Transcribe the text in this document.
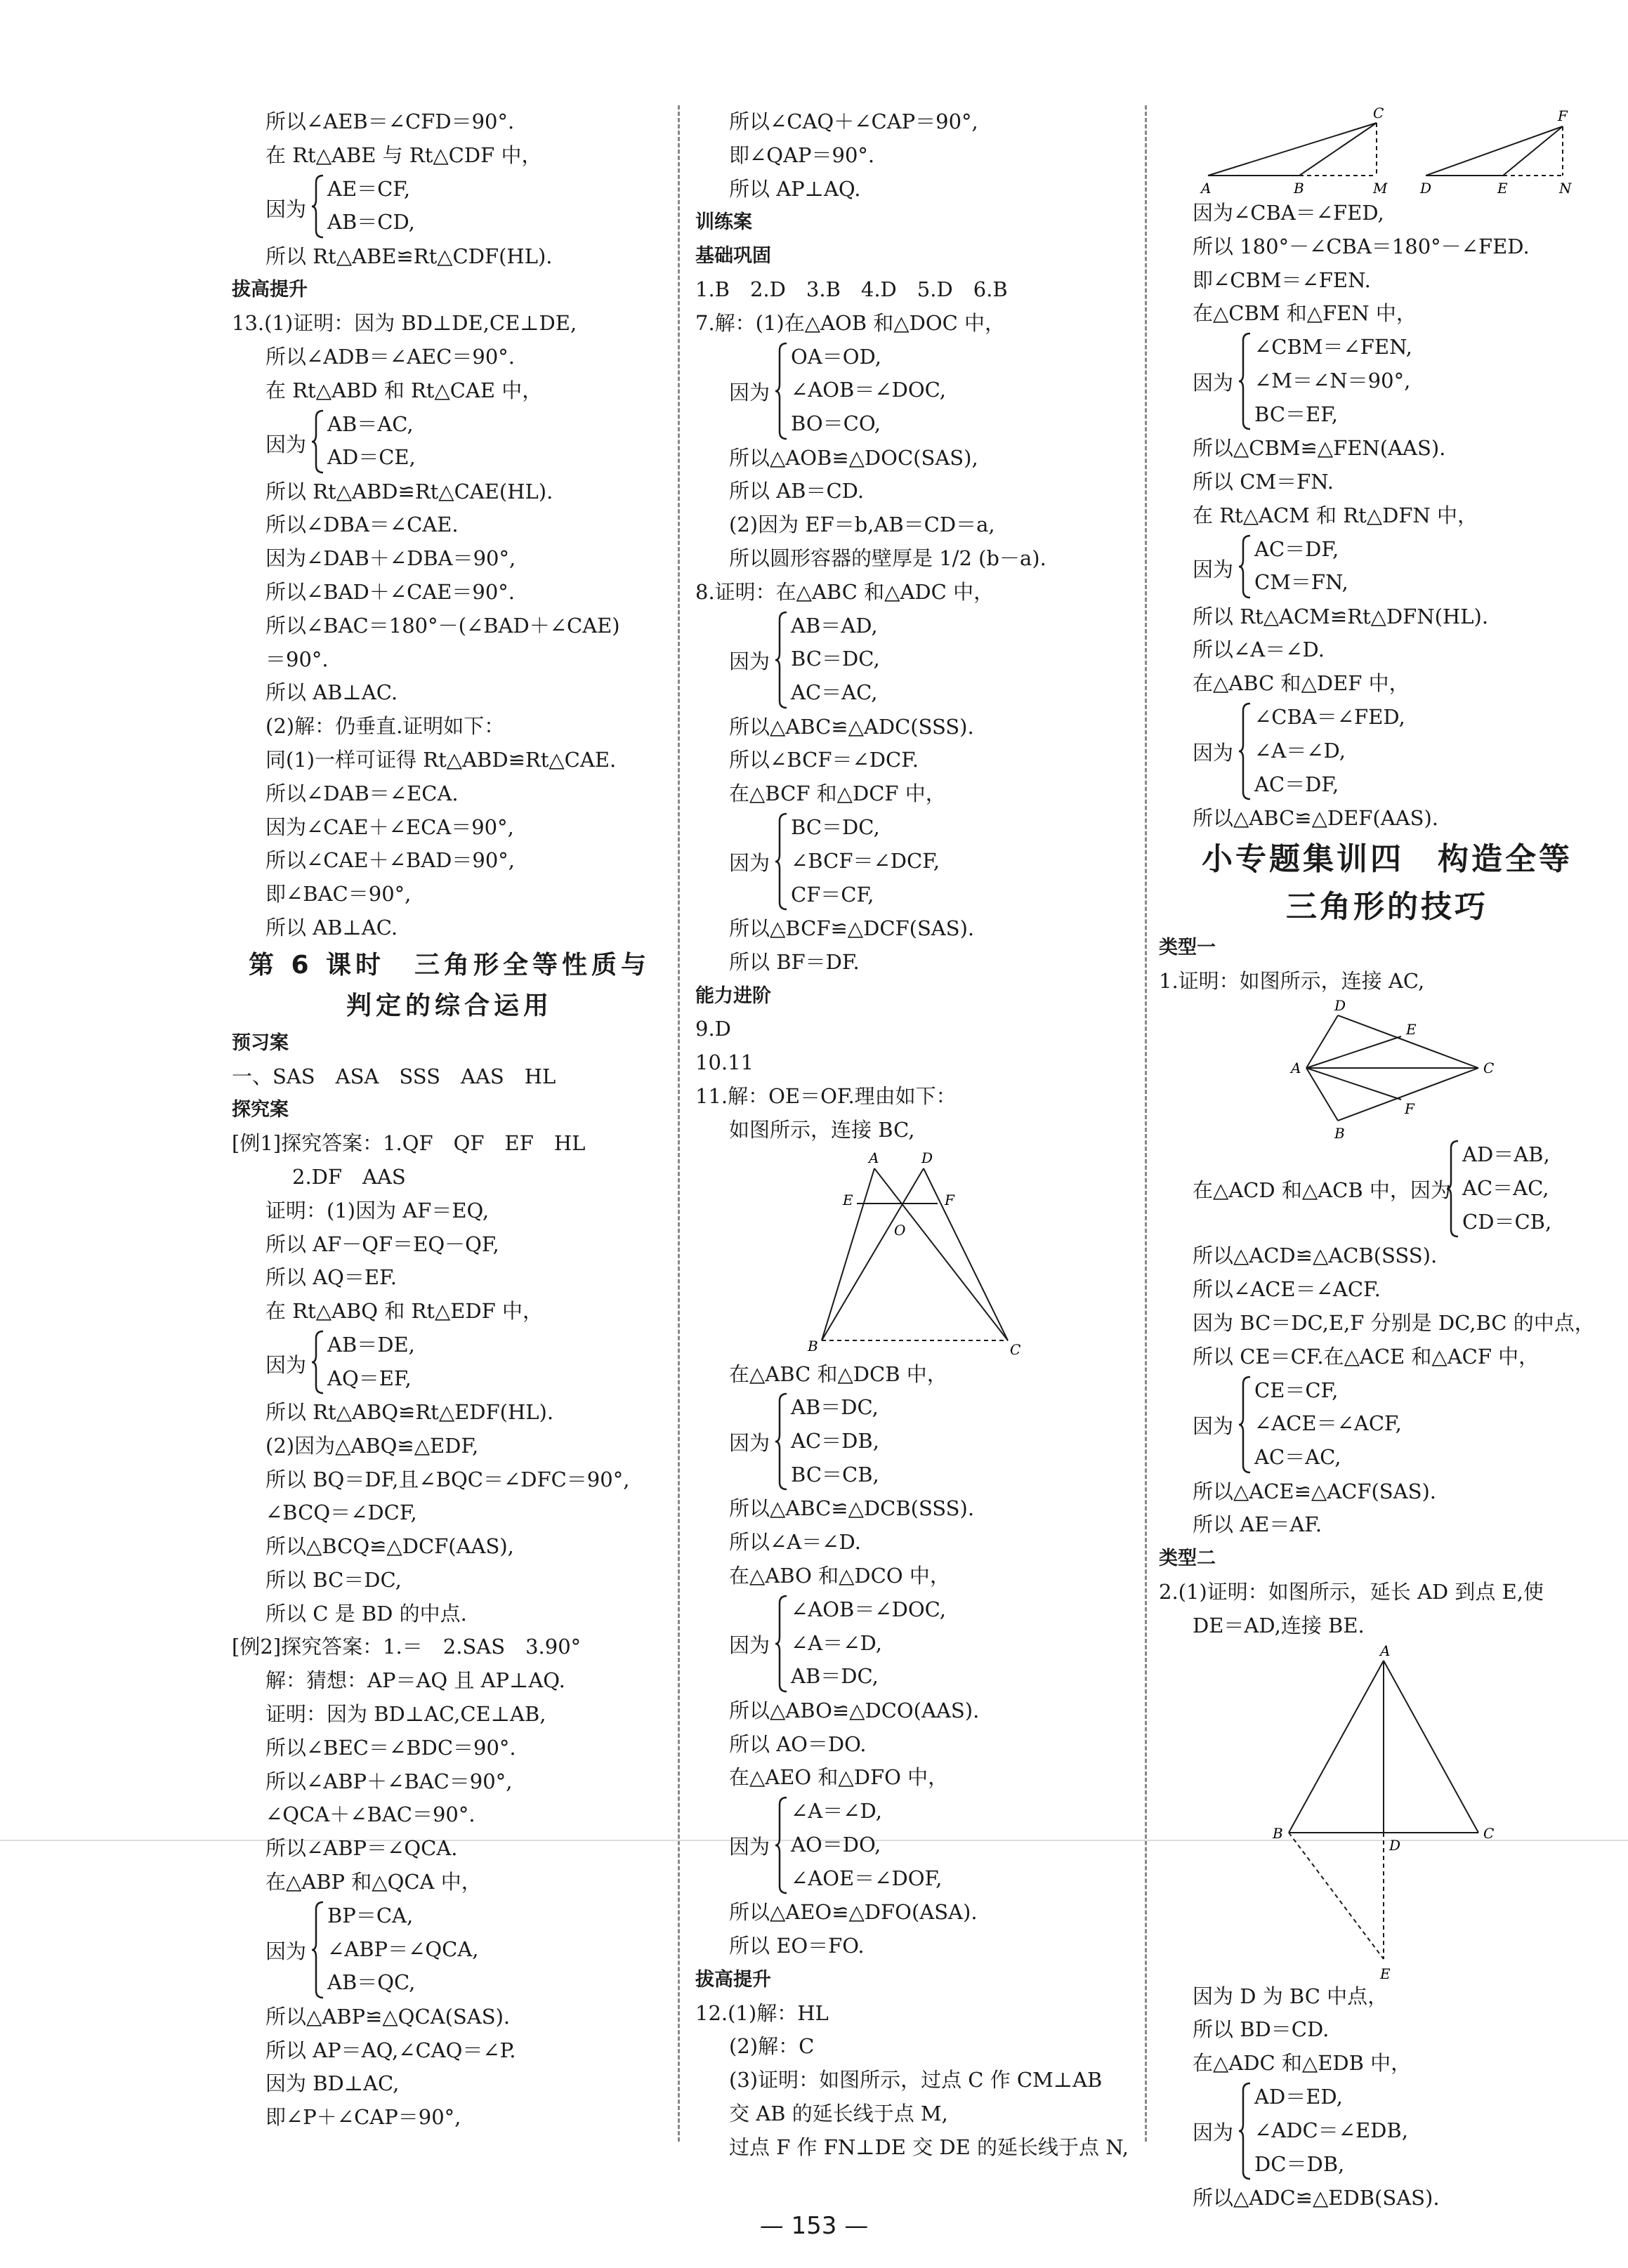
所以∠AEB＝∠CFD＝90°.
在 Rt△ABE 与 Rt△CDF 中，
因为
AE＝CF,
AB＝CD,
所以 Rt△ABE≌Rt△CDF(HL).
拔高提升
13.(1)证明：因为 BD⊥DE,CE⊥DE,
所以∠ADB＝∠AEC＝90°.
在 Rt△ABD 和 Rt△CAE 中，
因为
AB＝AC,
AD＝CE,
所以 Rt△ABD≌Rt△CAE(HL).
所以∠DBA＝∠CAE.
因为∠DAB＋∠DBA＝90°,
所以∠BAD＋∠CAE＝90°.
所以∠BAC＝180°－(∠BAD＋∠CAE)
＝90°.
所以 AB⊥AC.
(2)解：仍垂直.证明如下：
同(1)一样可证得 Rt△ABD≌Rt△CAE.
所以∠DAB＝∠ECA.
因为∠CAE＋∠ECA＝90°,
所以∠CAE＋∠BAD＝90°,
即∠BAC＝90°,
所以 AB⊥AC.
第 6 课时　三角形全等性质与
判定的综合运用
预习案
一、SAS　ASA　SSS　AAS　HL
探究案
[例1]探究答案：1.QF　QF　EF　HL
2.DF　AAS
证明：(1)因为 AF＝EQ,
所以 AF－QF＝EQ－QF,
所以 AQ＝EF.
在 Rt△ABQ 和 Rt△EDF 中，
因为
AB＝DE,
AQ＝EF,
所以 Rt△ABQ≌Rt△EDF(HL).
(2)因为△ABQ≌△EDF,
所以 BQ＝DF,且∠BQC＝∠DFC＝90°,
∠BCQ＝∠DCF,
所以△BCQ≌△DCF(AAS),
所以 BC＝DC,
所以 C 是 BD 的中点.
[例2]探究答案：1.＝　2.SAS　3.90°
解：猜想：AP＝AQ 且 AP⊥AQ.
证明：因为 BD⊥AC,CE⊥AB,
所以∠BEC＝∠BDC＝90°.
所以∠ABP＋∠BAC＝90°,
∠QCA＋∠BAC＝90°.
所以∠ABP＝∠QCA.
在△ABP 和△QCA 中，
因为
BP＝CA,
∠ABP＝∠QCA,
AB＝QC,
所以△ABP≌△QCA(SAS).
所以 AP＝AQ,∠CAQ＝∠P.
因为 BD⊥AC,
即∠P＋∠CAP＝90°,
所以∠CAQ＋∠CAP＝90°,
即∠QAP＝90°.
所以 AP⊥AQ.
训练案
基础巩固
1.B　2.D　3.B　4.D　5.D　6.B
7.解：(1)在△AOB 和△DOC 中，
因为
OA＝OD,
∠AOB＝∠DOC,
BO＝CO,
所以△AOB≌△DOC(SAS),
所以 AB＝CD.
(2)因为 EF＝b,AB＝CD＝a,
所以圆形容器的壁厚是 1/2 (b－a).
8.证明：在△ABC 和△ADC 中，
因为
AB＝AD,
BC＝DC,
AC＝AC,
所以△ABC≌△ADC(SSS).
所以∠BCF＝∠DCF.
在△BCF 和△DCF 中，
因为
BC＝DC,
∠BCF＝∠DCF,
CF＝CF,
所以△BCF≌△DCF(SAS).
所以 BF＝DF.
能力进阶
9.D
10.11
11.解：OE＝OF.理由如下：
如图所示，连接 BC,
A	D
E	F
O
B	C
在△ABC 和△DCB 中，
因为
AB＝DC,
AC＝DB,
BC＝CB,
所以△ABC≌△DCB(SSS).
所以∠A＝∠D.
在△ABO 和△DCO 中，
因为
∠AOB＝∠DOC,
∠A＝∠D,
AB＝DC,
所以△ABO≌△DCO(AAS).
所以 AO＝DO.
在△AEO 和△DFO 中，
因为
∠A＝∠D,
AO＝DO,
∠AOE＝∠DOF,
所以△AEO≌△DFO(ASA).
所以 EO＝FO.
拔高提升
12.(1)解：HL
(2)解：C
(3)证明：如图所示，过点 C 作 CM⊥AB
交 AB 的延长线于点 M,
过点 F 作 FN⊥DE 交 DE 的延长线于点 N,
C
A	B	M
F
D	E	N
因为∠CBA＝∠FED,
所以 180°－∠CBA＝180°－∠FED.
即∠CBM＝∠FEN.
在△CBM 和△FEN 中，
因为
∠CBM＝∠FEN,
∠M＝∠N＝90°,
BC＝EF,
所以△CBM≌△FEN(AAS).
所以 CM＝FN.
在 Rt△ACM 和 Rt△DFN 中，
因为
AC＝DF,
CM＝FN,
所以 Rt△ACM≌Rt△DFN(HL).
所以∠A＝∠D.
在△ABC 和△DEF 中，
因为
∠CBA＝∠FED,
∠A＝∠D,
AC＝DF,
所以△ABC≌△DEF(AAS).
小专题集训四　构造全等
三角形的技巧
类型一
1.证明：如图所示，连接 AC,
D
E
A	C
F
B
在△ACD 和△ACB 中，因为
AD＝AB,
AC＝AC,
CD＝CB,
所以△ACD≌△ACB(SSS).
所以∠ACE＝∠ACF.
因为 BC＝DC,E,F 分别是 DC,BC 的中点，
所以 CE＝CF.在△ACE 和△ACF 中，
因为
CE＝CF,
∠ACE＝∠ACF,
AC＝AC,
所以△ACE≌△ACF(SAS).
所以 AE＝AF.
类型二
2.(1)证明：如图所示，延长 AD 到点 E,使
DE＝AD,连接 BE.
A
B
D
C
E
因为 D 为 BC 中点，
所以 BD＝CD.
在△ADC 和△EDB 中，
因为
AD＝ED,
∠ADC＝∠EDB,
DC＝DB,
所以△ADC≌△EDB(SAS).
— 153 —
